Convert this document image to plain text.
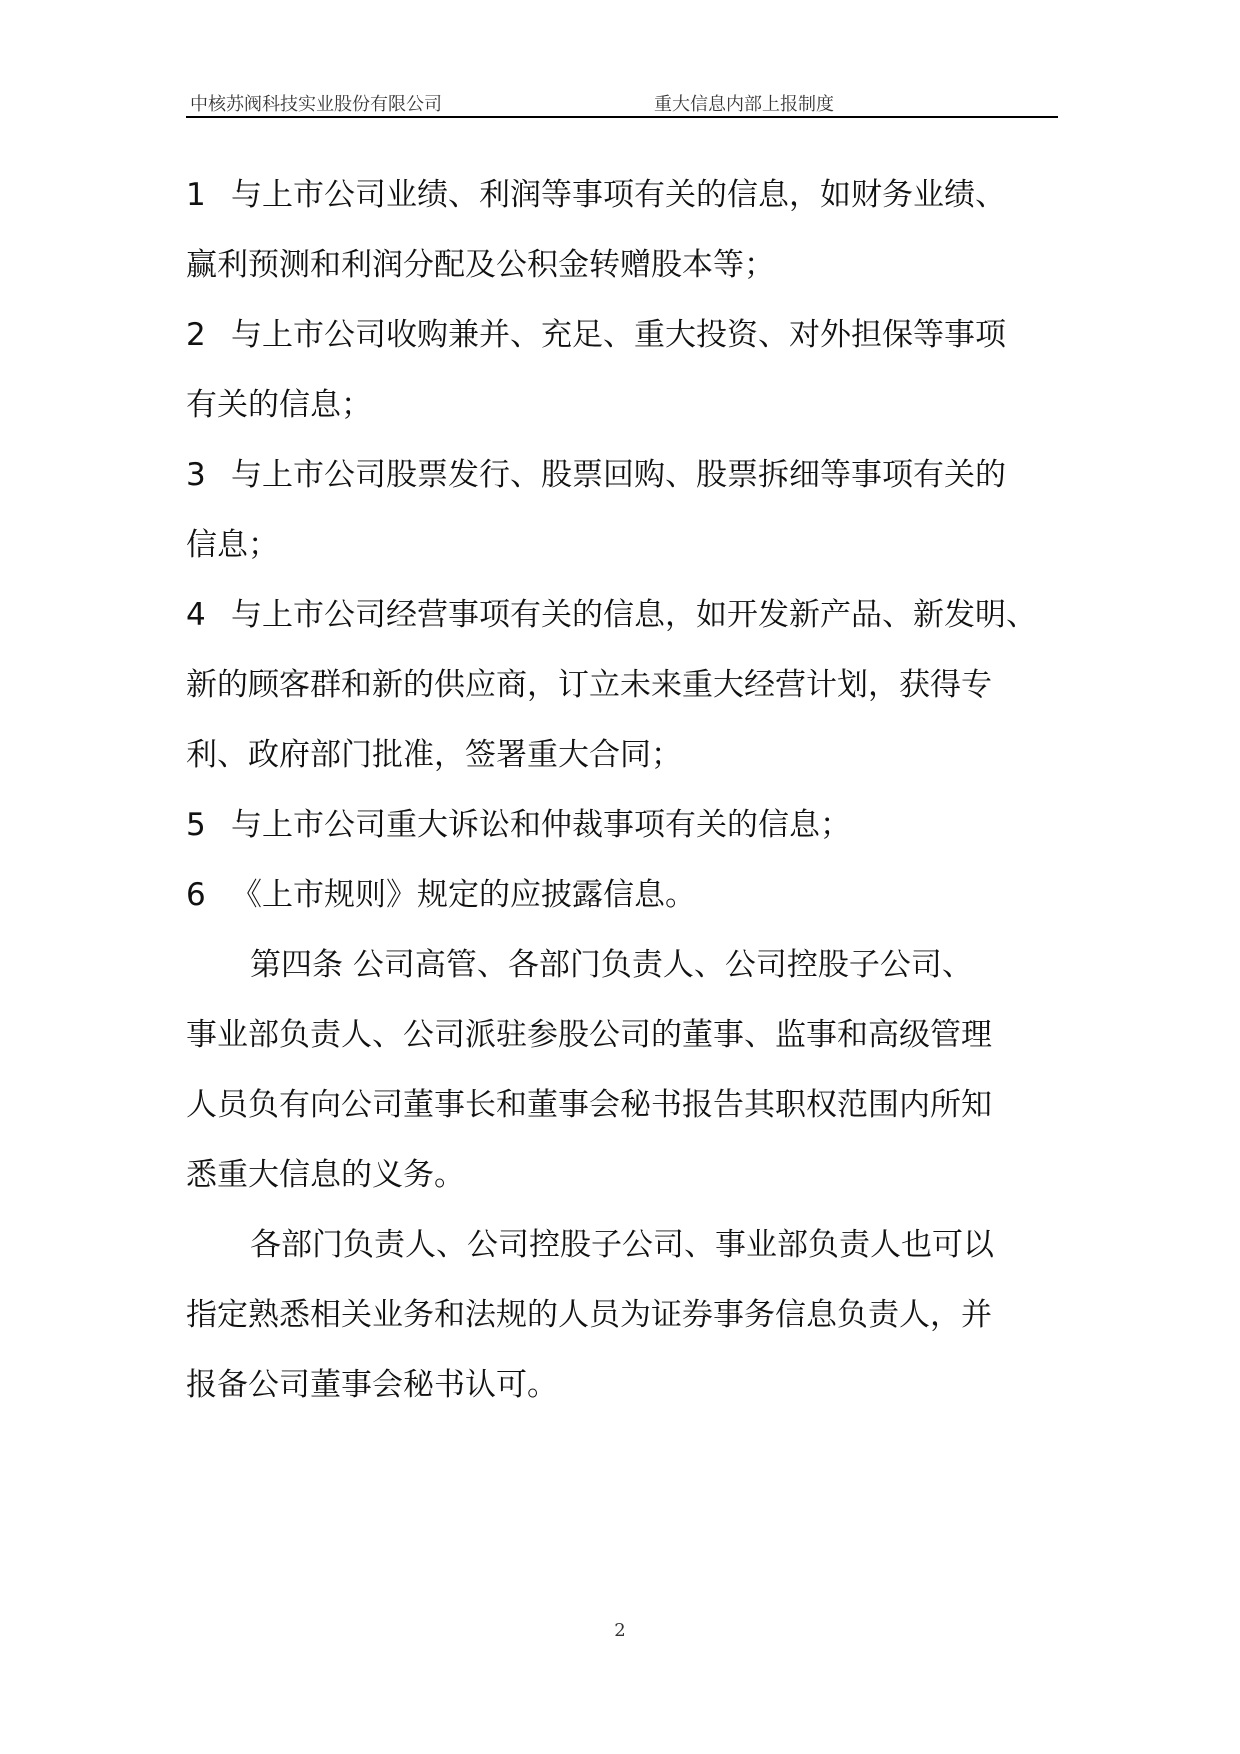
中核苏阀科技实业股份有限公司	重大信息内部上报制度
1 与上市公司业绩、利润等事项有关的信息，如财务业绩、
赢利预测和利润分配及公积金转赠股本等；
2 与上市公司收购兼并、充足、重大投资、对外担保等事项
有关的信息；
3 与上市公司股票发行、股票回购、股票拆细等事项有关的
信息；
4 与上市公司经营事项有关的信息，如开发新产品、新发明、
新的顾客群和新的供应商，订立未来重大经营计划，获得专
利、政府部门批准，签署重大合同；
5 与上市公司重大诉讼和仲裁事项有关的信息；
6 《上市规则》规定的应披露信息。
第四条 公司高管、各部门负责人、公司控股子公司、
事业部负责人、公司派驻参股公司的董事、监事和高级管理
人员负有向公司董事长和董事会秘书报告其职权范围内所知
悉重大信息的义务。
各部门负责人、公司控股子公司、事业部负责人也可以
指定熟悉相关业务和法规的人员为证券事务信息负责人，并
报备公司董事会秘书认可。
2
